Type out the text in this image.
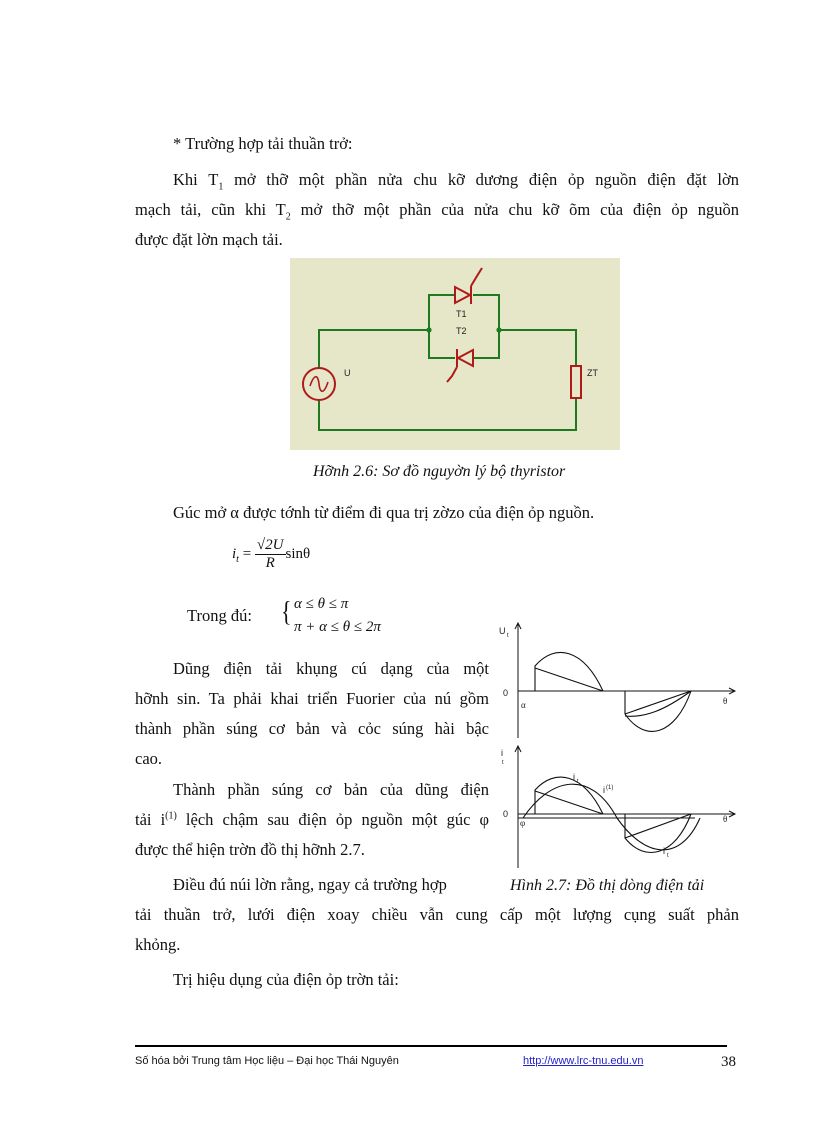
* Trường hợp tải thuần trở:
Khi $T_1$ mở thỡ một phần nửa chu kỡ dương điện ỏp nguồn điện đặt lờn
mạch tải, cũn khi $T_2$ mở thỡ một phần của nửa chu kỡ õm của điện ỏp nguồn
được đặt lờn mạch tải.
T1
T2
U	ZT
Hỡnh 2.6: Sơ đồ nguyờn lý bộ thyristor
Gúc mở α được tớnh từ điểm đi qua trị zờzo của điện ỏp nguồn.
$i_t = \frac{√2U}{R}$ sinθ
Trong đú: { α ≤ θ ≤ π
π + α ≤ θ ≤ 2π
Dũng điện tải khụng cú dạng của một
hỡnh sin. Ta phải khai triển Fuorier của nú gồm
thành phần súng cơ bản và cỏc súng hài bậc
cao.
Thành phần súng cơ bản của dũng điện
tải $i^{(1)}$ lệch chậm sau điện ỏp nguồn một gúc φ
được thể hiện trờn đồ thị hỡnh 2.7.
U t
0
α	θ
i
t
0
φ	θ
i t
i (1)
i t
Điều đú núi lờn rằng, ngay cả trường hợp	Hình 2.7: Đồ thị dòng điện tải
tải thuần trở, lưới điện xoay chiều vẫn cung cấp một lượng cụng suất phản
khỏng.
Trị hiệu dụng của điện ỏp trờn tải:
Số hóa bởi Trung tâm Học liệu – Đại học Thái Nguyên	http://www.lrc-tnu.edu.vn	38
